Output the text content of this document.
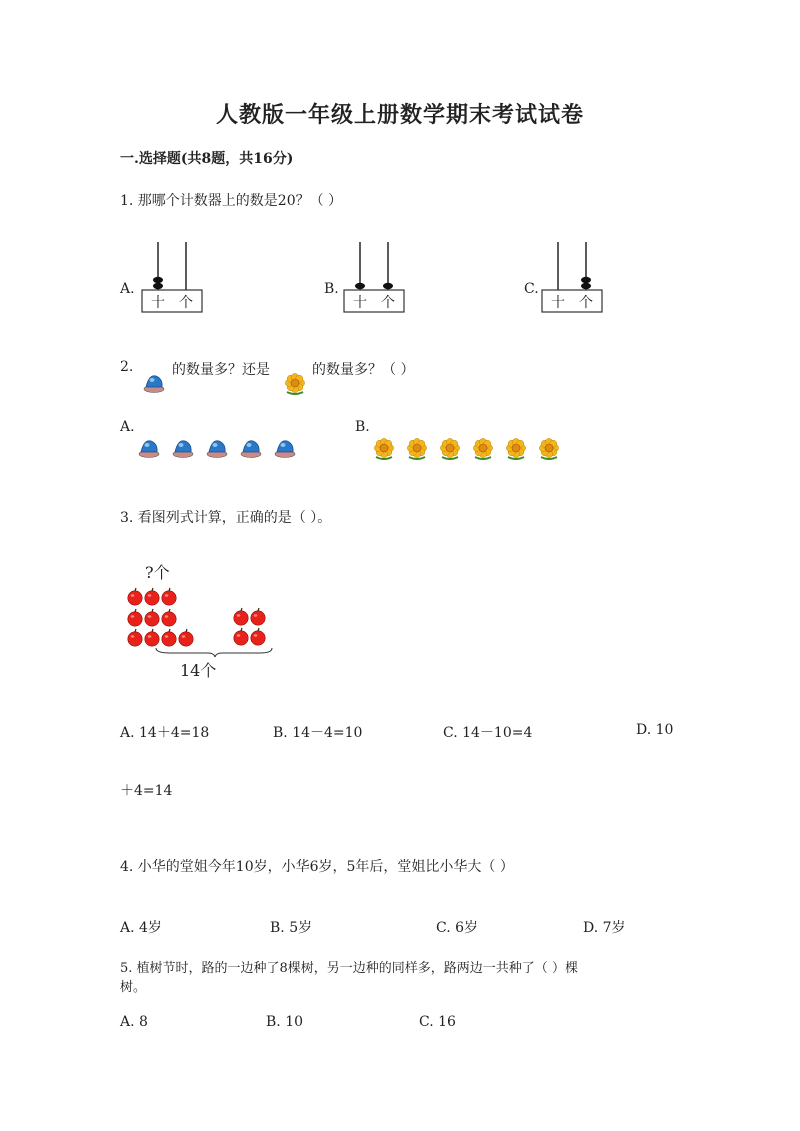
人教版一年级上册数学期末考试试卷
一.选择题(共8题，共16分)
1. 那哪个计数器上的数是20？（ ）
A.	B.	C.
十 个	十 个	十 个
2.	的数量多？还是	的数量多？（ ）
A.	B.
3. 看图列式计算，正确的是（ ）。
?个
14个
A. 14＋4=18	B. 14－4=10	C. 14－10=4	D. 10
＋4=14
4. 小华的堂姐今年10岁，小华6岁，5年后，堂姐比小华大（ ）
A. 4岁	B. 5岁	C. 6岁	D. 7岁
5. 植树节时，路的一边种了8棵树，另一边种的同样多，路两边一共种了（ ）棵
树。
A. 8	B. 10	C. 16
